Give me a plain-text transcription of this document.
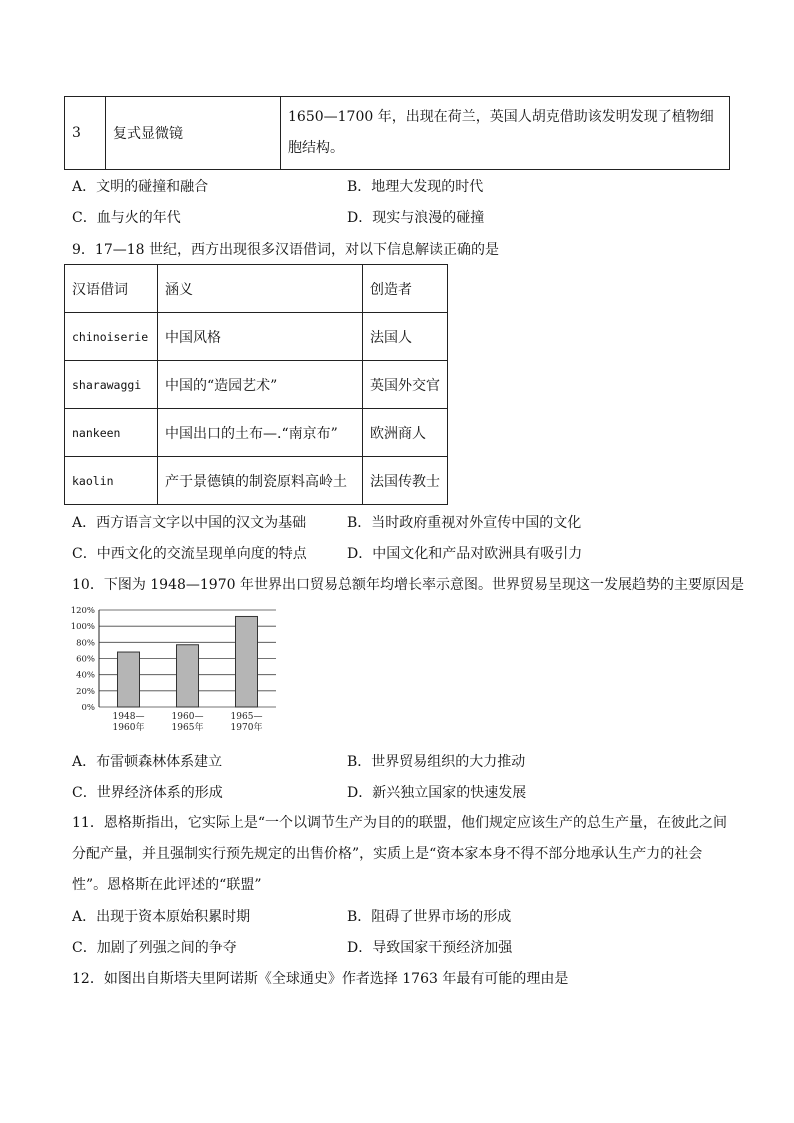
3	复式显微镜	1650—1700 年，出现在荷兰，英国人胡克借助该发明发现了植物细胞结构。
A．文明的碰撞和融合	B．地理大发现的时代
C．血与火的年代	D．现实与浪漫的碰撞
9．17—18 世纪，西方出现很多汉语借词，对以下信息解读正确的是
汉语借词	涵义	创造者
chinoiserie	中国风格	法国人
sharawaggi	中国的“造园艺术”	英国外交官
nankeen	中国出口的土布—.“南京布”	欧洲商人
kaolin	产于景德镇的制瓷原料高岭土	法国传教士
A．西方语言文字以中国的汉文为基础	B．当时政府重视对外宣传中国的文化
C．中西文化的交流呈现单向度的特点	D．中国文化和产品对欧洲具有吸引力
10．下图为 1948—1970 年世界出口贸易总额年均增长率示意图。世界贸易呈现这一发展趋势的主要原因是
0%
20%
40%
60%
80%
100%
120%
1948—
1960年
1960—
1965年
1965—
1970年
A．布雷顿森林体系建立	B．世界贸易组织的大力推动
C．世界经济体系的形成	D．新兴独立国家的快速发展
11．恩格斯指出，它实际上是“一个以调节生产为目的的联盟，他们规定应该生产的总生产量，在彼此之间分配产量，并且强制实行预先规定的出售价格”，实质上是“资本家本身不得不部分地承认生产力的社会性”。恩格斯在此评述的“联盟”
A．出现于资本原始积累时期	B．阻碍了世界市场的形成
C．加剧了列强之间的争夺	D．导致国家干预经济加强
12．如图出自斯塔夫里阿诺斯《全球通史》作者选择 1763 年最有可能的理由是
